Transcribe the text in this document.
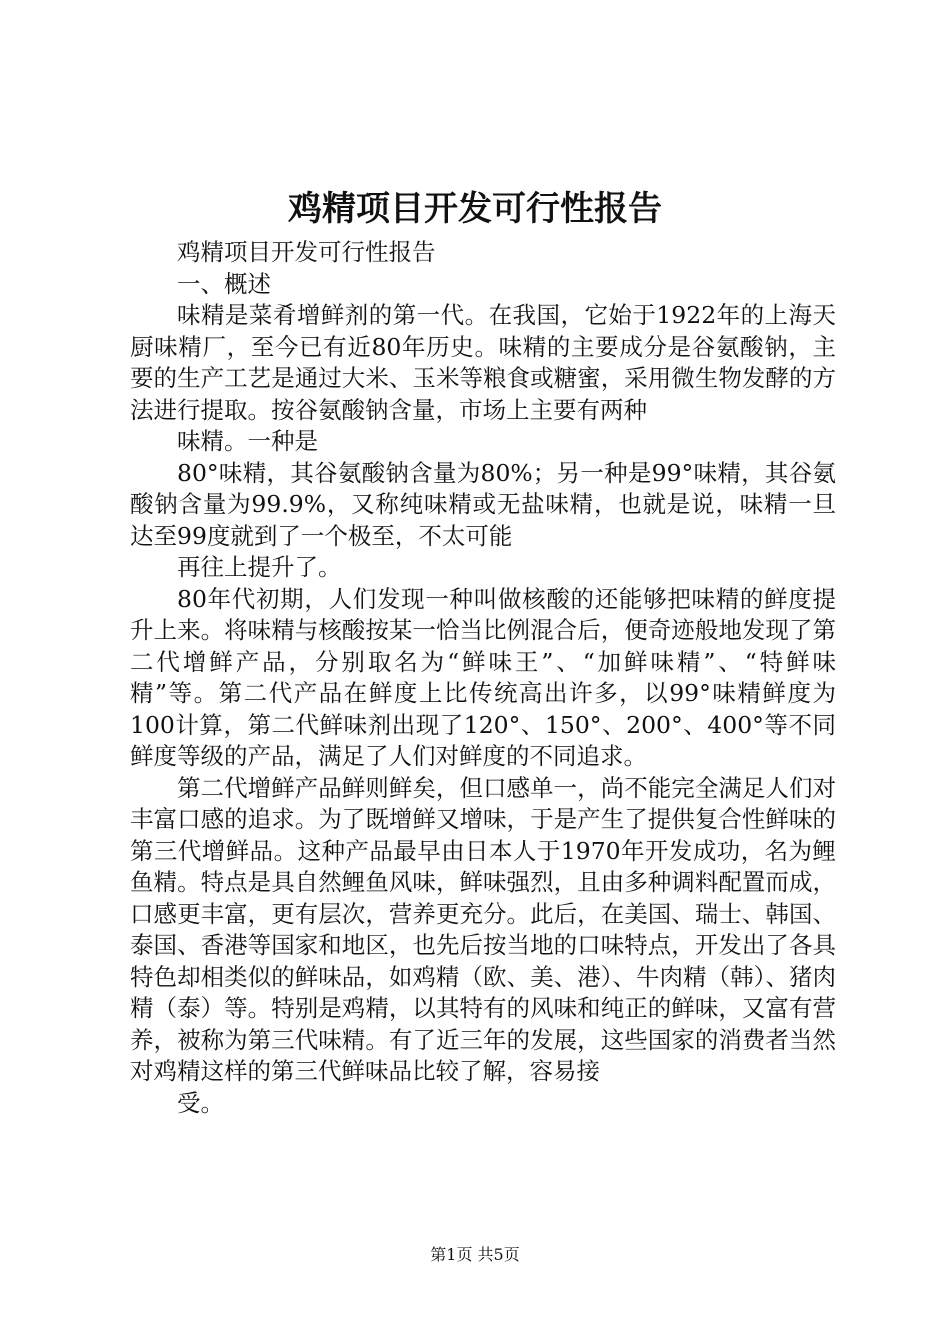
鸡精项目开发可行性报告

鸡精项目开发可行性报告

一、概述

味精是菜肴增鲜剂的第一代。在我国，它始于1922年的上海天厨味精厂，至今已有近80年历史。味精的主要成分是谷氨酸钠，主要的生产工艺是通过大米、玉米等粮食或糖蜜，采用微生物发酵的方法进行提取。按谷氨酸钠含量，市场上主要有两种

味精。一种是

80°味精，其谷氨酸钠含量为80%；另一种是99°味精，其谷氨酸钠含量为99.9%，又称纯味精或无盐味精，也就是说，味精一旦达至99度就到了一个极至，不太可能

再往上提升了。

80年代初期，人们发现一种叫做核酸的还能够把味精的鲜度提升上来。将味精与核酸按某一恰当比例混合后，便奇迹般地发现了第二代增鲜产品，分别取名为“鲜味王”、“加鲜味精”、“特鲜味精”等。第二代产品在鲜度上比传统高出许多，以99°味精鲜度为100计算，第二代鲜味剂出现了120°、150°、200°、400°等不同鲜度等级的产品，满足了人们对鲜度的不同追求。

第二代增鲜产品鲜则鲜矣，但口感单一，尚不能完全满足人们对丰富口感的追求。为了既增鲜又增味，于是产生了提供复合性鲜味的第三代增鲜品。这种产品最早由日本人于1970年开发成功，名为鲤鱼精。特点是具自然鲤鱼风味，鲜味强烈，且由多种调料配置而成，口感更丰富，更有层次，营养更充分。此后，在美国、瑞士、韩国、泰国、香港等国家和地区，也先后按当地的口味特点，开发出了各具特色却相类似的鲜味品，如鸡精（欧、美、港）、牛肉精（韩）、猪肉精（泰）等。特别是鸡精，以其特有的风味和纯正的鲜味，又富有营养，被称为第三代味精。有了近三年的发展，这些国家的消费者当然对鸡精这样的第三代鲜味品比较了解，容易接

受。

第1页 共5页
